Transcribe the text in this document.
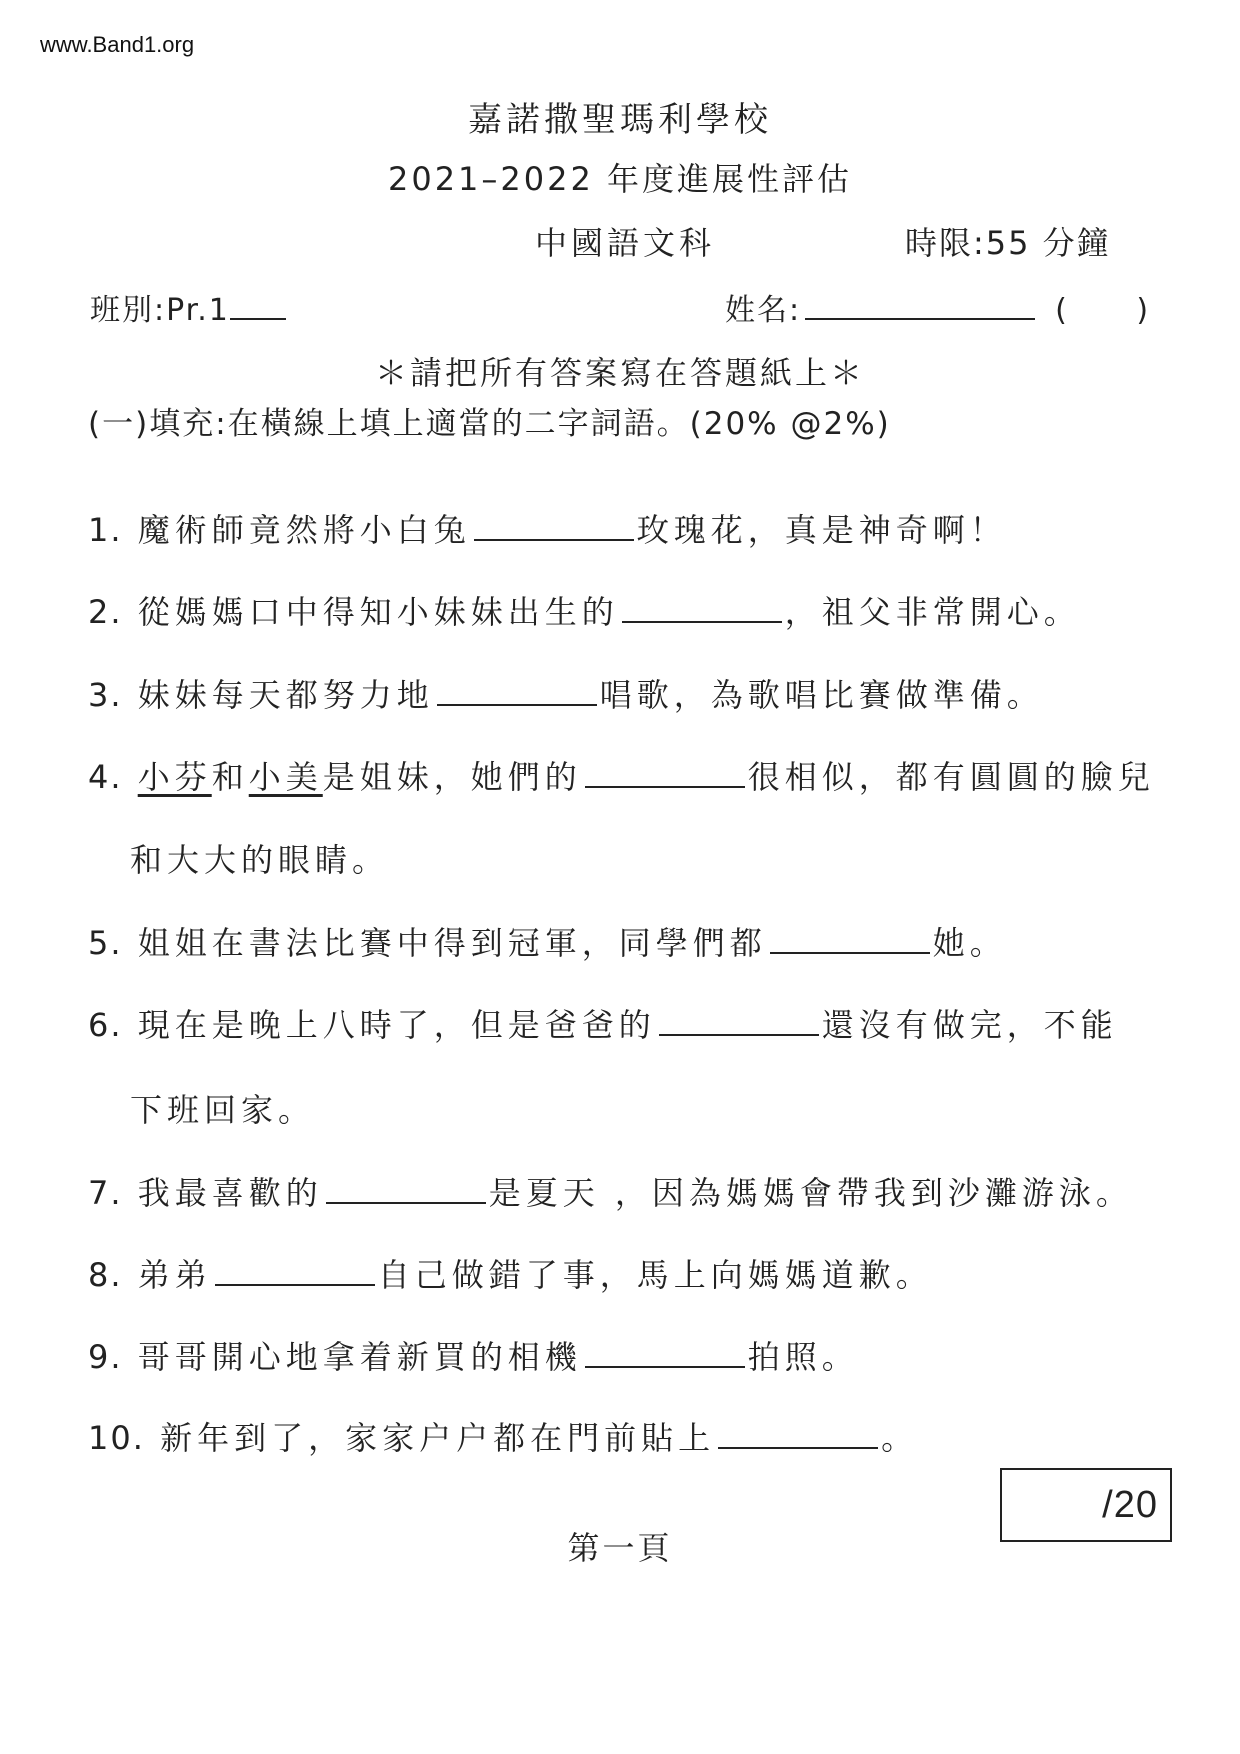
www.Band1.org
嘉諾撒聖瑪利學校
2021–2022 年度進展性評估
中國語文科	時限:55 分鐘
班別:Pr.1	姓名:	( )
＊請把所有答案寫在答題紙上＊
(一)填充:在橫線上填上適當的二字詞語。(20% @2%)
1. 魔術師竟然將小白兔	玫瑰花，真是神奇啊！
2. 從媽媽口中得知小妹妹出生的	，祖父非常開心。
3. 妹妹每天都努力地	唱歌，為歌唱比賽做準備。
4. 小芬和小美是姐妹，她們的	很相似，都有圓圓的臉兒
和大大的眼睛。
5. 姐姐在書法比賽中得到冠軍，同學們都	她。
6. 現在是晚上八時了，但是爸爸的	還沒有做完，不能
下班回家。
7. 我最喜歡的	是夏天 ，因為媽媽會帶我到沙灘游泳。
8. 弟弟	自己做錯了事，馬上向媽媽道歉。
9. 哥哥開心地拿着新買的相機	拍照。
10. 新年到了，家家户户都在門前貼上	。
/20
第一頁
